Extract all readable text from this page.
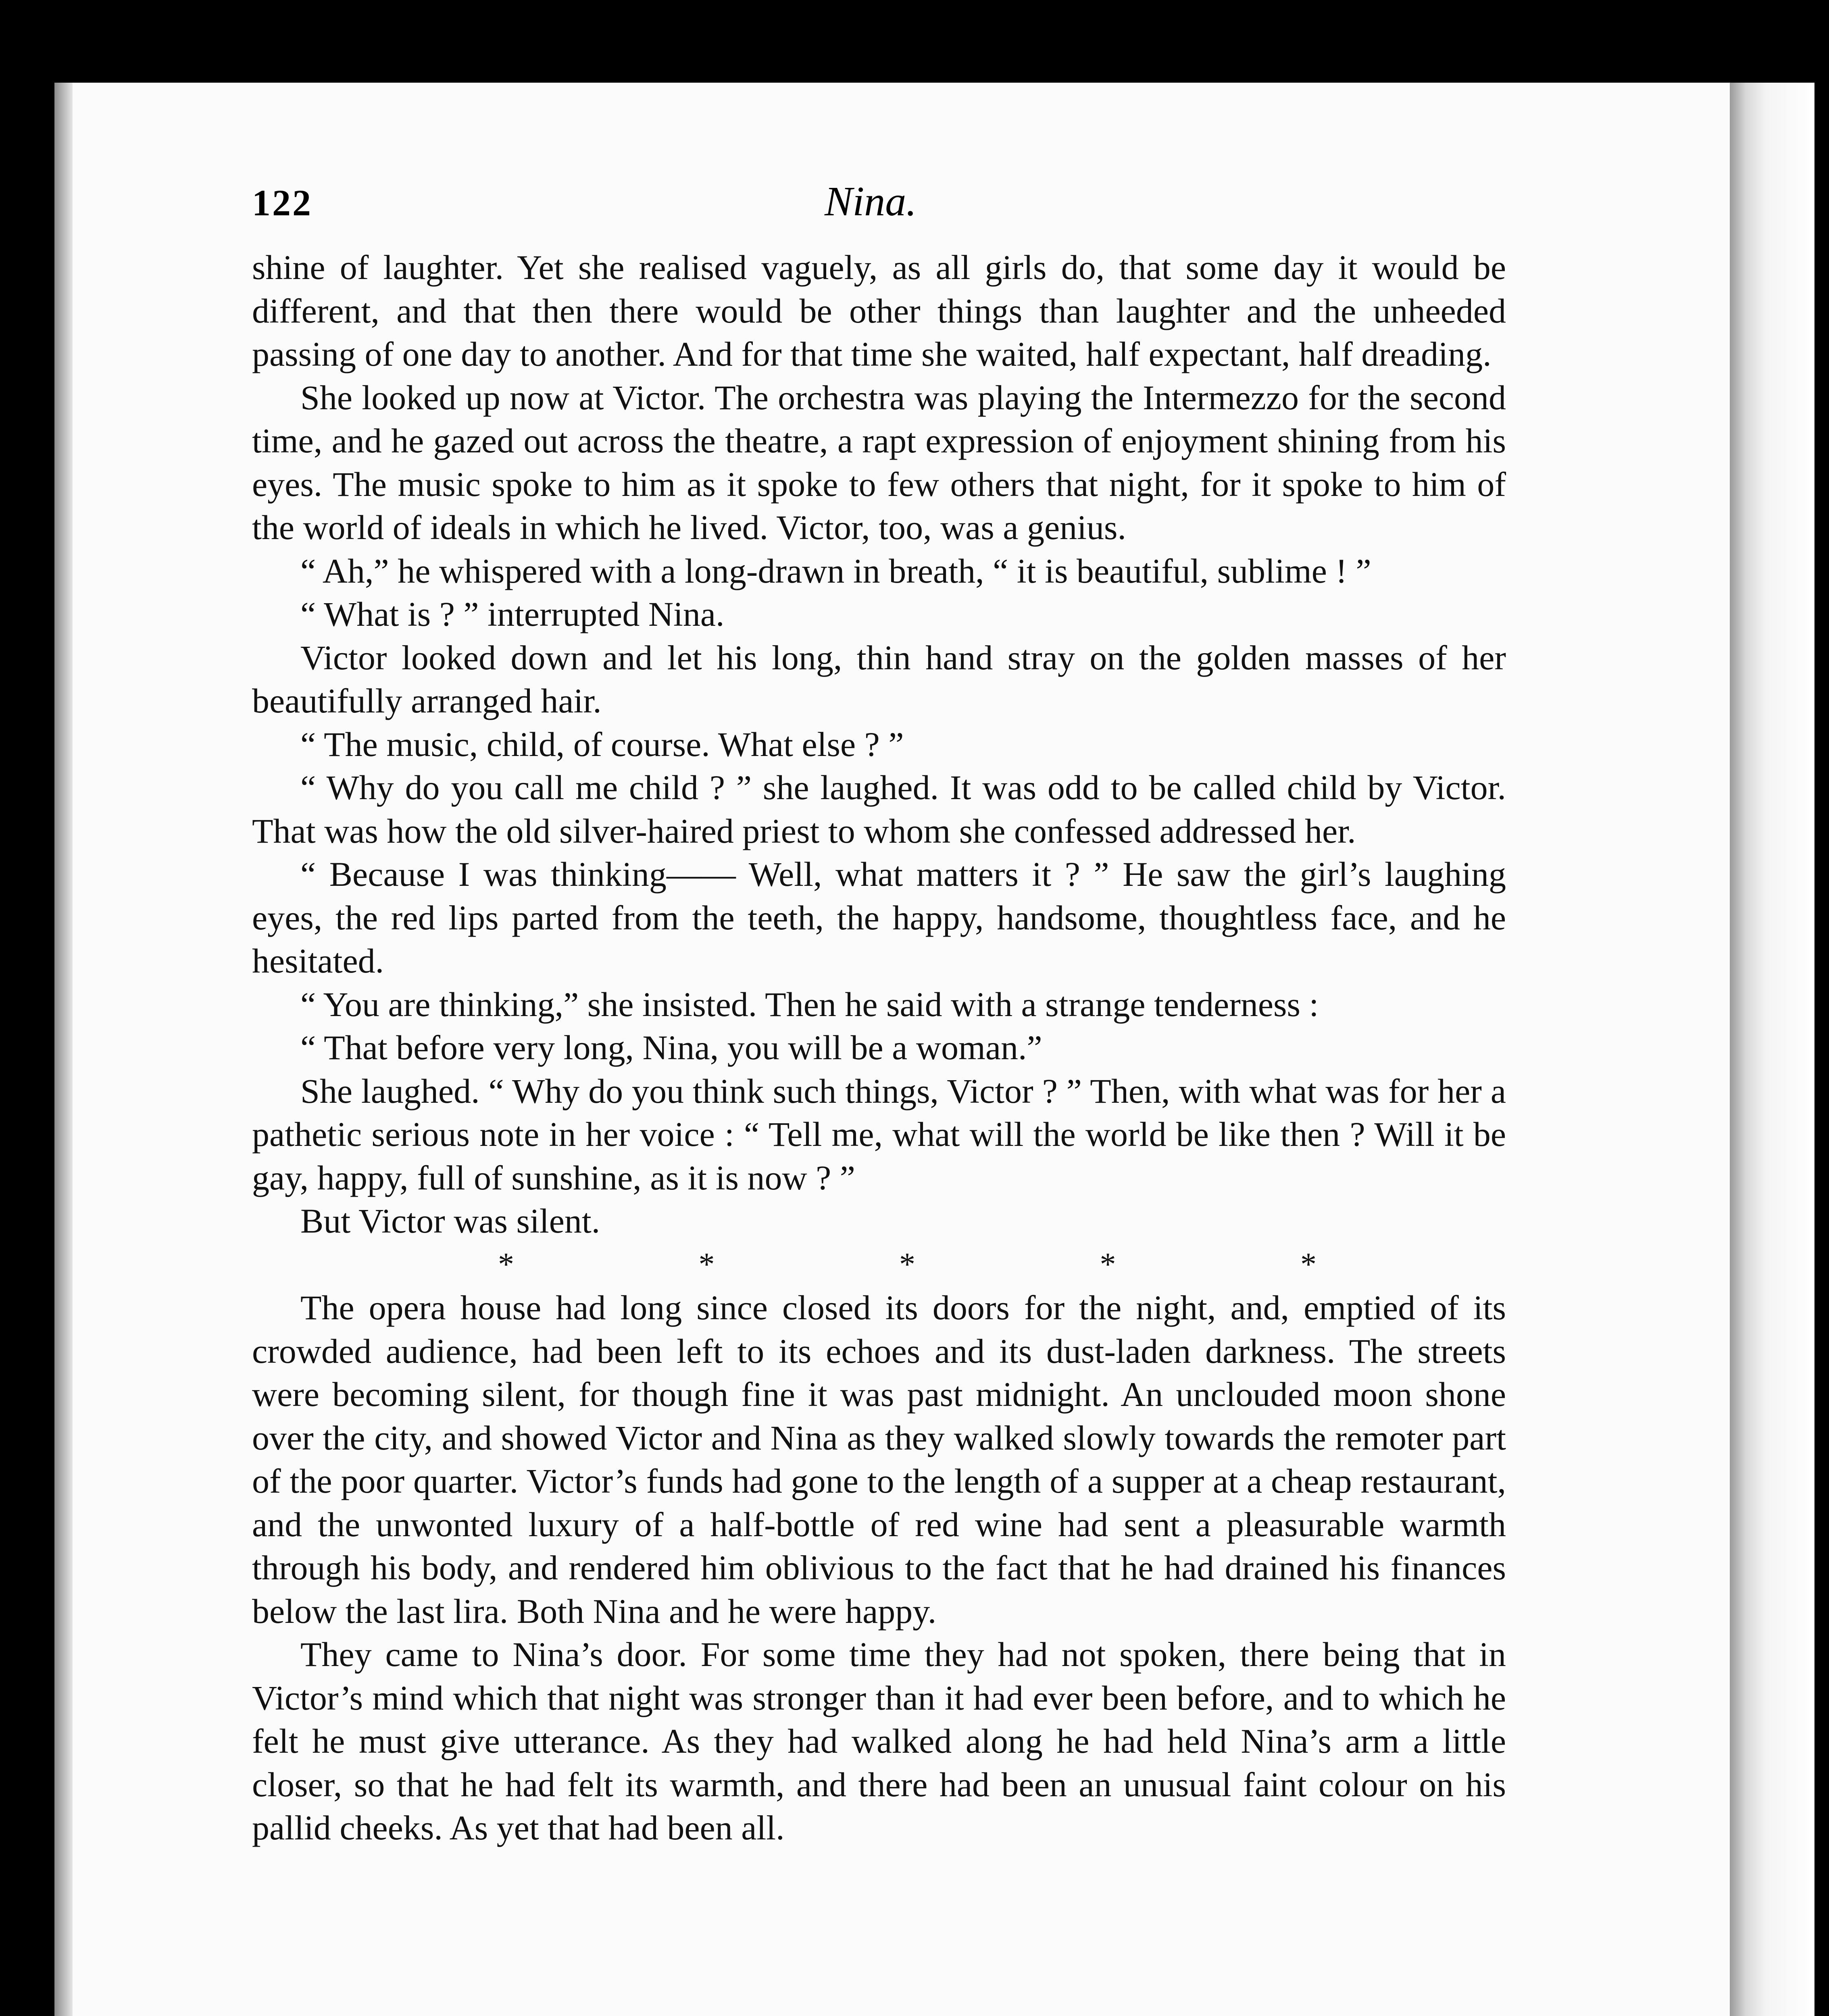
122	Nina.

shine of laughter. Yet she realised vaguely, as all girls do, that some day it would be different, and that then there would be other things than laughter and the unheeded passing of one day to another. And for that time she waited, half expectant, half dreading.

She looked up now at Victor. The orchestra was playing the Intermezzo for the second time, and he gazed out across the theatre, a rapt expression of enjoyment shining from his eyes. The music spoke to him as it spoke to few others that night, for it spoke to him of the world of ideals in which he lived. Victor, too, was a genius.

“ Ah,” he whispered with a long-drawn in breath, “ it is beautiful, sublime ! ”

“ What is ? ” interrupted Nina.

Victor looked down and let his long, thin hand stray on the golden masses of her beautifully arranged hair.

“ The music, child, of course. What else ? ”

“ Why do you call me child ? ” she laughed. It was odd to be called child by Victor. That was how the old silver-haired priest to whom she confessed addressed her.

“ Because I was thinking—— Well, what matters it ? ” He saw the girl’s laughing eyes, the red lips parted from the teeth, the happy, handsome, thoughtless face, and he hesitated.

“ You are thinking,” she insisted. Then he said with a strange tenderness :

“ That before very long, Nina, you will be a woman.”

She laughed. “ Why do you think such things, Victor ? ” Then, with what was for her a pathetic serious note in her voice : “ Tell me, what will the world be like then ? Will it be gay, happy, full of sunshine, as it is now ? ”

But Victor was silent.

*	*	*	*	*

The opera house had long since closed its doors for the night, and, emptied of its crowded audience, had been left to its echoes and its dust-laden darkness. The streets were becoming silent, for though fine it was past midnight. An unclouded moon shone over the city, and showed Victor and Nina as they walked slowly towards the remoter part of the poor quarter. Victor’s funds had gone to the length of a supper at a cheap restaurant, and the unwonted luxury of a half-bottle of red wine had sent a pleasurable warmth through his body, and rendered him oblivious to the fact that he had drained his finances below the last lira. Both Nina and he were happy.

They came to Nina’s door. For some time they had not spoken, there being that in Victor’s mind which that night was stronger than it had ever been before, and to which he felt he must give utterance. As they had walked along he had held Nina’s arm a little closer, so that he had felt its warmth, and there had been an unusual faint colour on his pallid cheeks. As yet that had been all.
